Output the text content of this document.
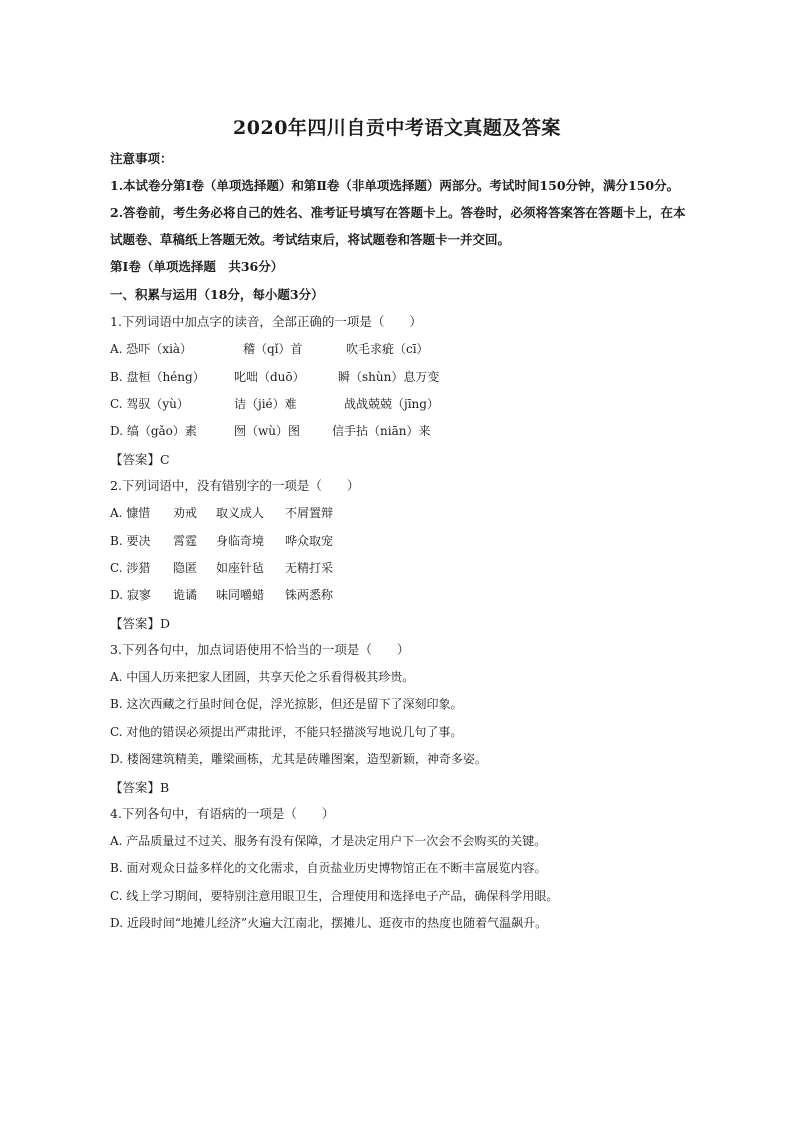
2020年四川自贡中考语文真题及答案
注意事项：
1.本试卷分第Ⅰ卷（单项选择题）和第Ⅱ卷（非单项选择题）两部分。考试时间150分钟，满分150分。
2.答卷前，考生务必将自己的姓名、准考证号填写在答题卡上。答卷时，必须将答案答在答题卡上，在本
试题卷、草稿纸上答题无效。考试结束后，将试题卷和答题卡一并交回。
第Ⅰ卷（单项选择题　共36分）
一、积累与运用（18分，每小题3分）
1.下列词语中加点字的读音，全部正确的一项是（　　）
A. 恐吓（xià）	稽（qǐ）首	吹毛求疵（cī）
B. 盘桓（héng） 叱咄（duō）	瞬（shùn）息万变
C. 驾驭（yù）	诘（jié）难	战战兢兢（jīng）
D. 缟（gǎo）素	囫（wù）图	信手拈（niān）来
【答案】C
2.下列词语中，没有错别字的一项是（　　）
A. 慷惜 劝戒 取义成人 不屑置辩
B. 要决 霄霆 身临奇境 哗众取宠
C. 涉猎 隐匿 如座针毡 无精打采
D. 寂寥 诡谲 味同嚼蜡 铢两悉称
【答案】D
3.下列各句中，加点词语使用不恰当的一项是（　　）
A. 中国人历来把家人团圆，共享天伦之乐看得极其珍贵。
B. 这次西藏之行虽时间仓促，浮光掠影，但还是留下了深刻印象。
C. 对他的错误必须提出严肃批评，不能只轻描淡写地说几句了事。
D. 楼阁建筑精美，雕梁画栋，尤其是砖雕图案，造型新颖，神奇多姿。
【答案】B
4.下列各句中，有语病的一项是（　　）
A. 产品质量过不过关、服务有没有保障，才是决定用户下一次会不会购买的关键。
B. 面对观众日益多样化的文化需求，自贡盐业历史博物馆正在不断丰富展览内容。
C. 线上学习期间，要特别注意用眼卫生，合理使用和选择电子产品，确保科学用眼。
D. 近段时间“地摊儿经济”火遍大江南北，摆摊儿、逛夜市的热度也随着气温飙升。
